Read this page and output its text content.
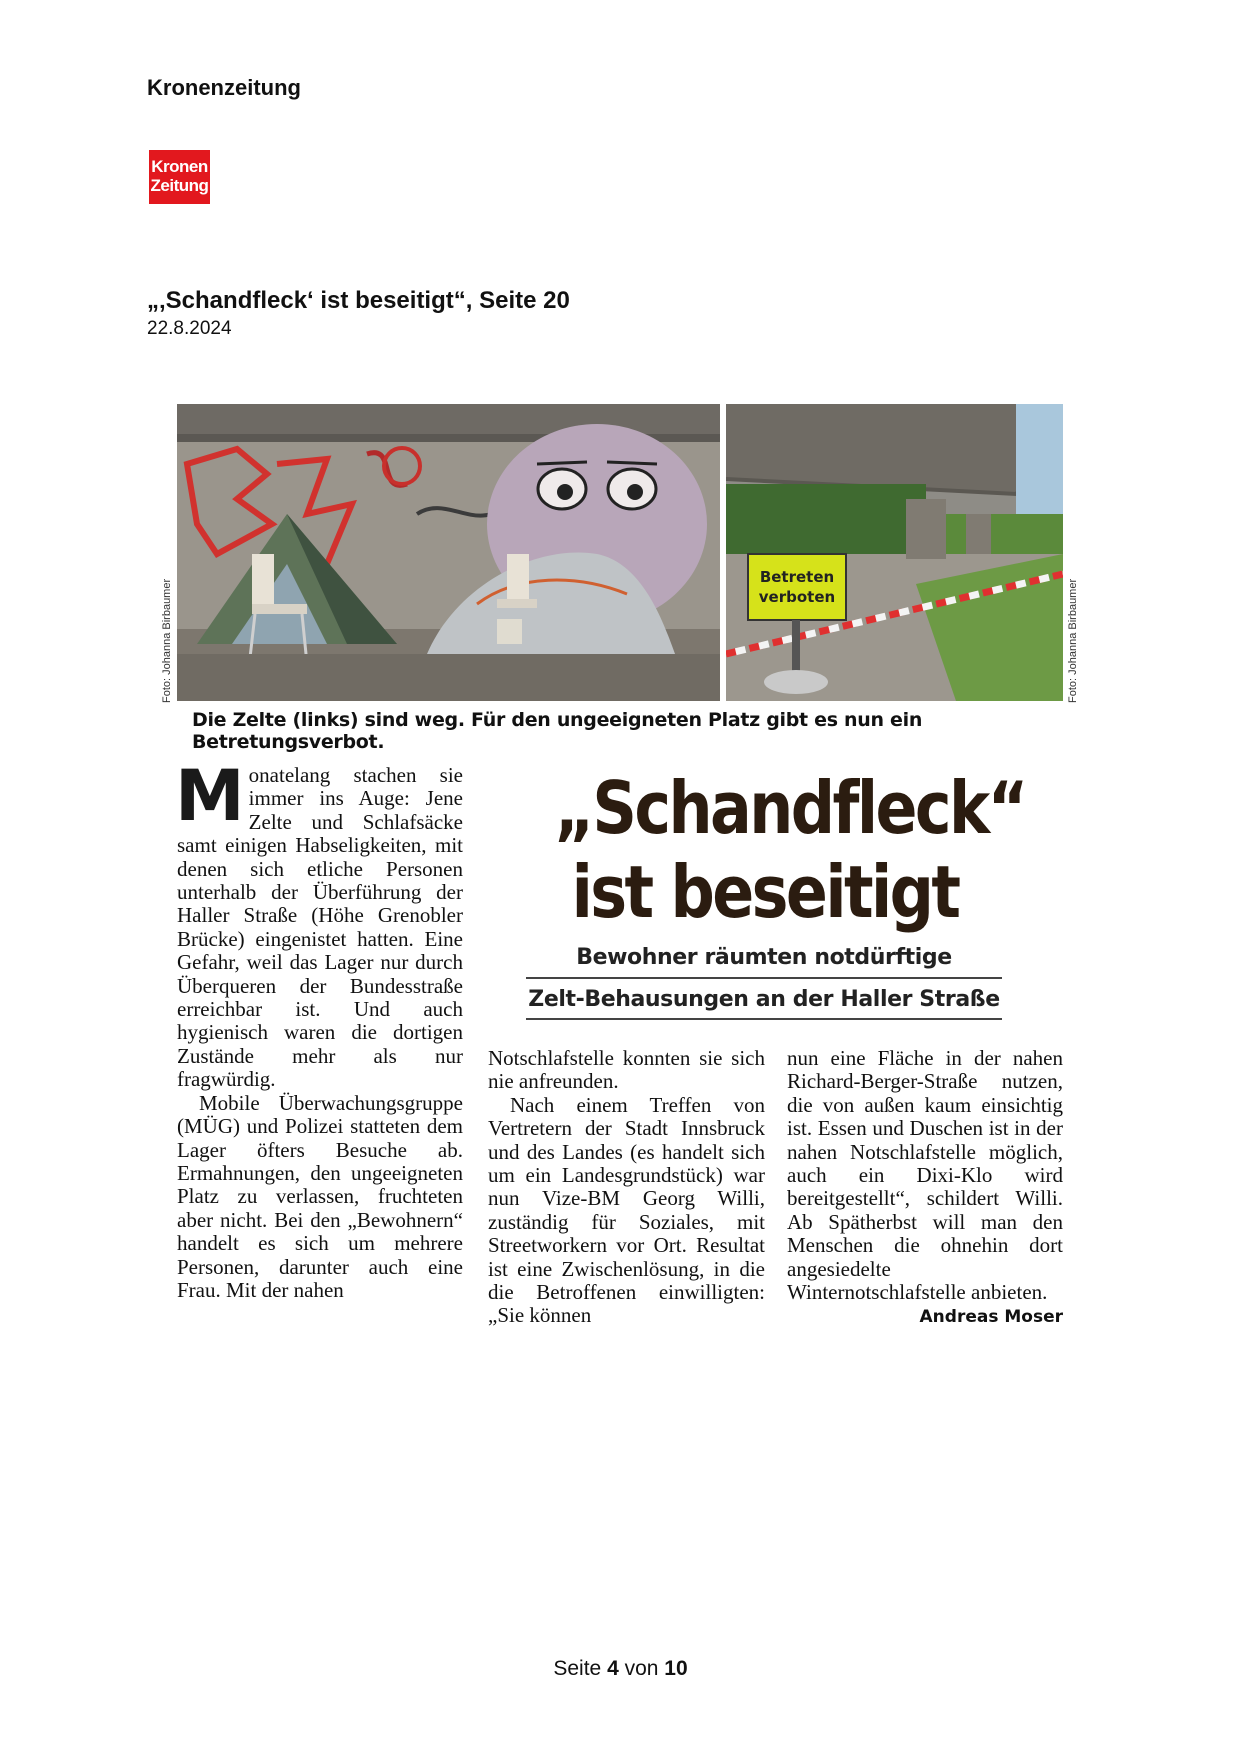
Kronenzeitung
Kronen
Zeitung
„‚Schandfleck‘ ist beseitigt“, Seite 20
22.8.2024
Foto: Johanna Birbaumer
Betreten
verboten	Foto: Johanna Birbaumer
Die Zelte (links) sind weg. Für den ungeeigneten Platz gibt es nun ein Betretungsverbot.
„Schandfleck“
ist beseitigt
Bewohner räumten notdürftige
Zelt-Behausungen an der Haller Straße

Monatelang stachen sie immer ins Auge: Jene Zelte und Schlafsäcke samt einigen Habseligkeiten, mit denen sich etliche Personen unterhalb der Überführung der Haller Straße (Höhe Grenobler Brücke) eingenistet hatten. Eine Gefahr, weil das Lager nur durch Überqueren der Bundesstraße erreichbar ist. Und auch hygienisch waren die dortigen Zustände mehr als nur fragwürdig.

Mobile Überwachungsgruppe (MÜG) und Polizei statteten dem Lager öfters Besuche ab. Ermahnungen, den ungeeigneten Platz zu verlassen, fruchteten aber nicht. Bei den „Bewohnern“ handelt es sich um mehrere Personen, darunter auch eine Frau. Mit der nahen

Notschlafstelle konnten sie sich nie anfreunden.

Nach einem Treffen von Vertretern der Stadt Innsbruck und des Landes (es handelt sich um ein Landesgrundstück) war nun Vize-BM Georg Willi, zuständig für Soziales, mit Streetworkern vor Ort. Resultat ist eine Zwischenlösung, in die die Betroffenen einwilligten: „Sie können

nun eine Fläche in der nahen Richard-Berger-Straße nutzen, die von außen kaum einsichtig ist. Essen und Duschen ist in der nahen Notschlafstelle möglich, auch ein Dixi-Klo wird bereitgestellt“, schildert Willi. Ab Spätherbst will man den Menschen die ohnehin dort angesiedelte Winternotschlafstelle anbieten.
Andreas Moser

Seite 4 von 10
